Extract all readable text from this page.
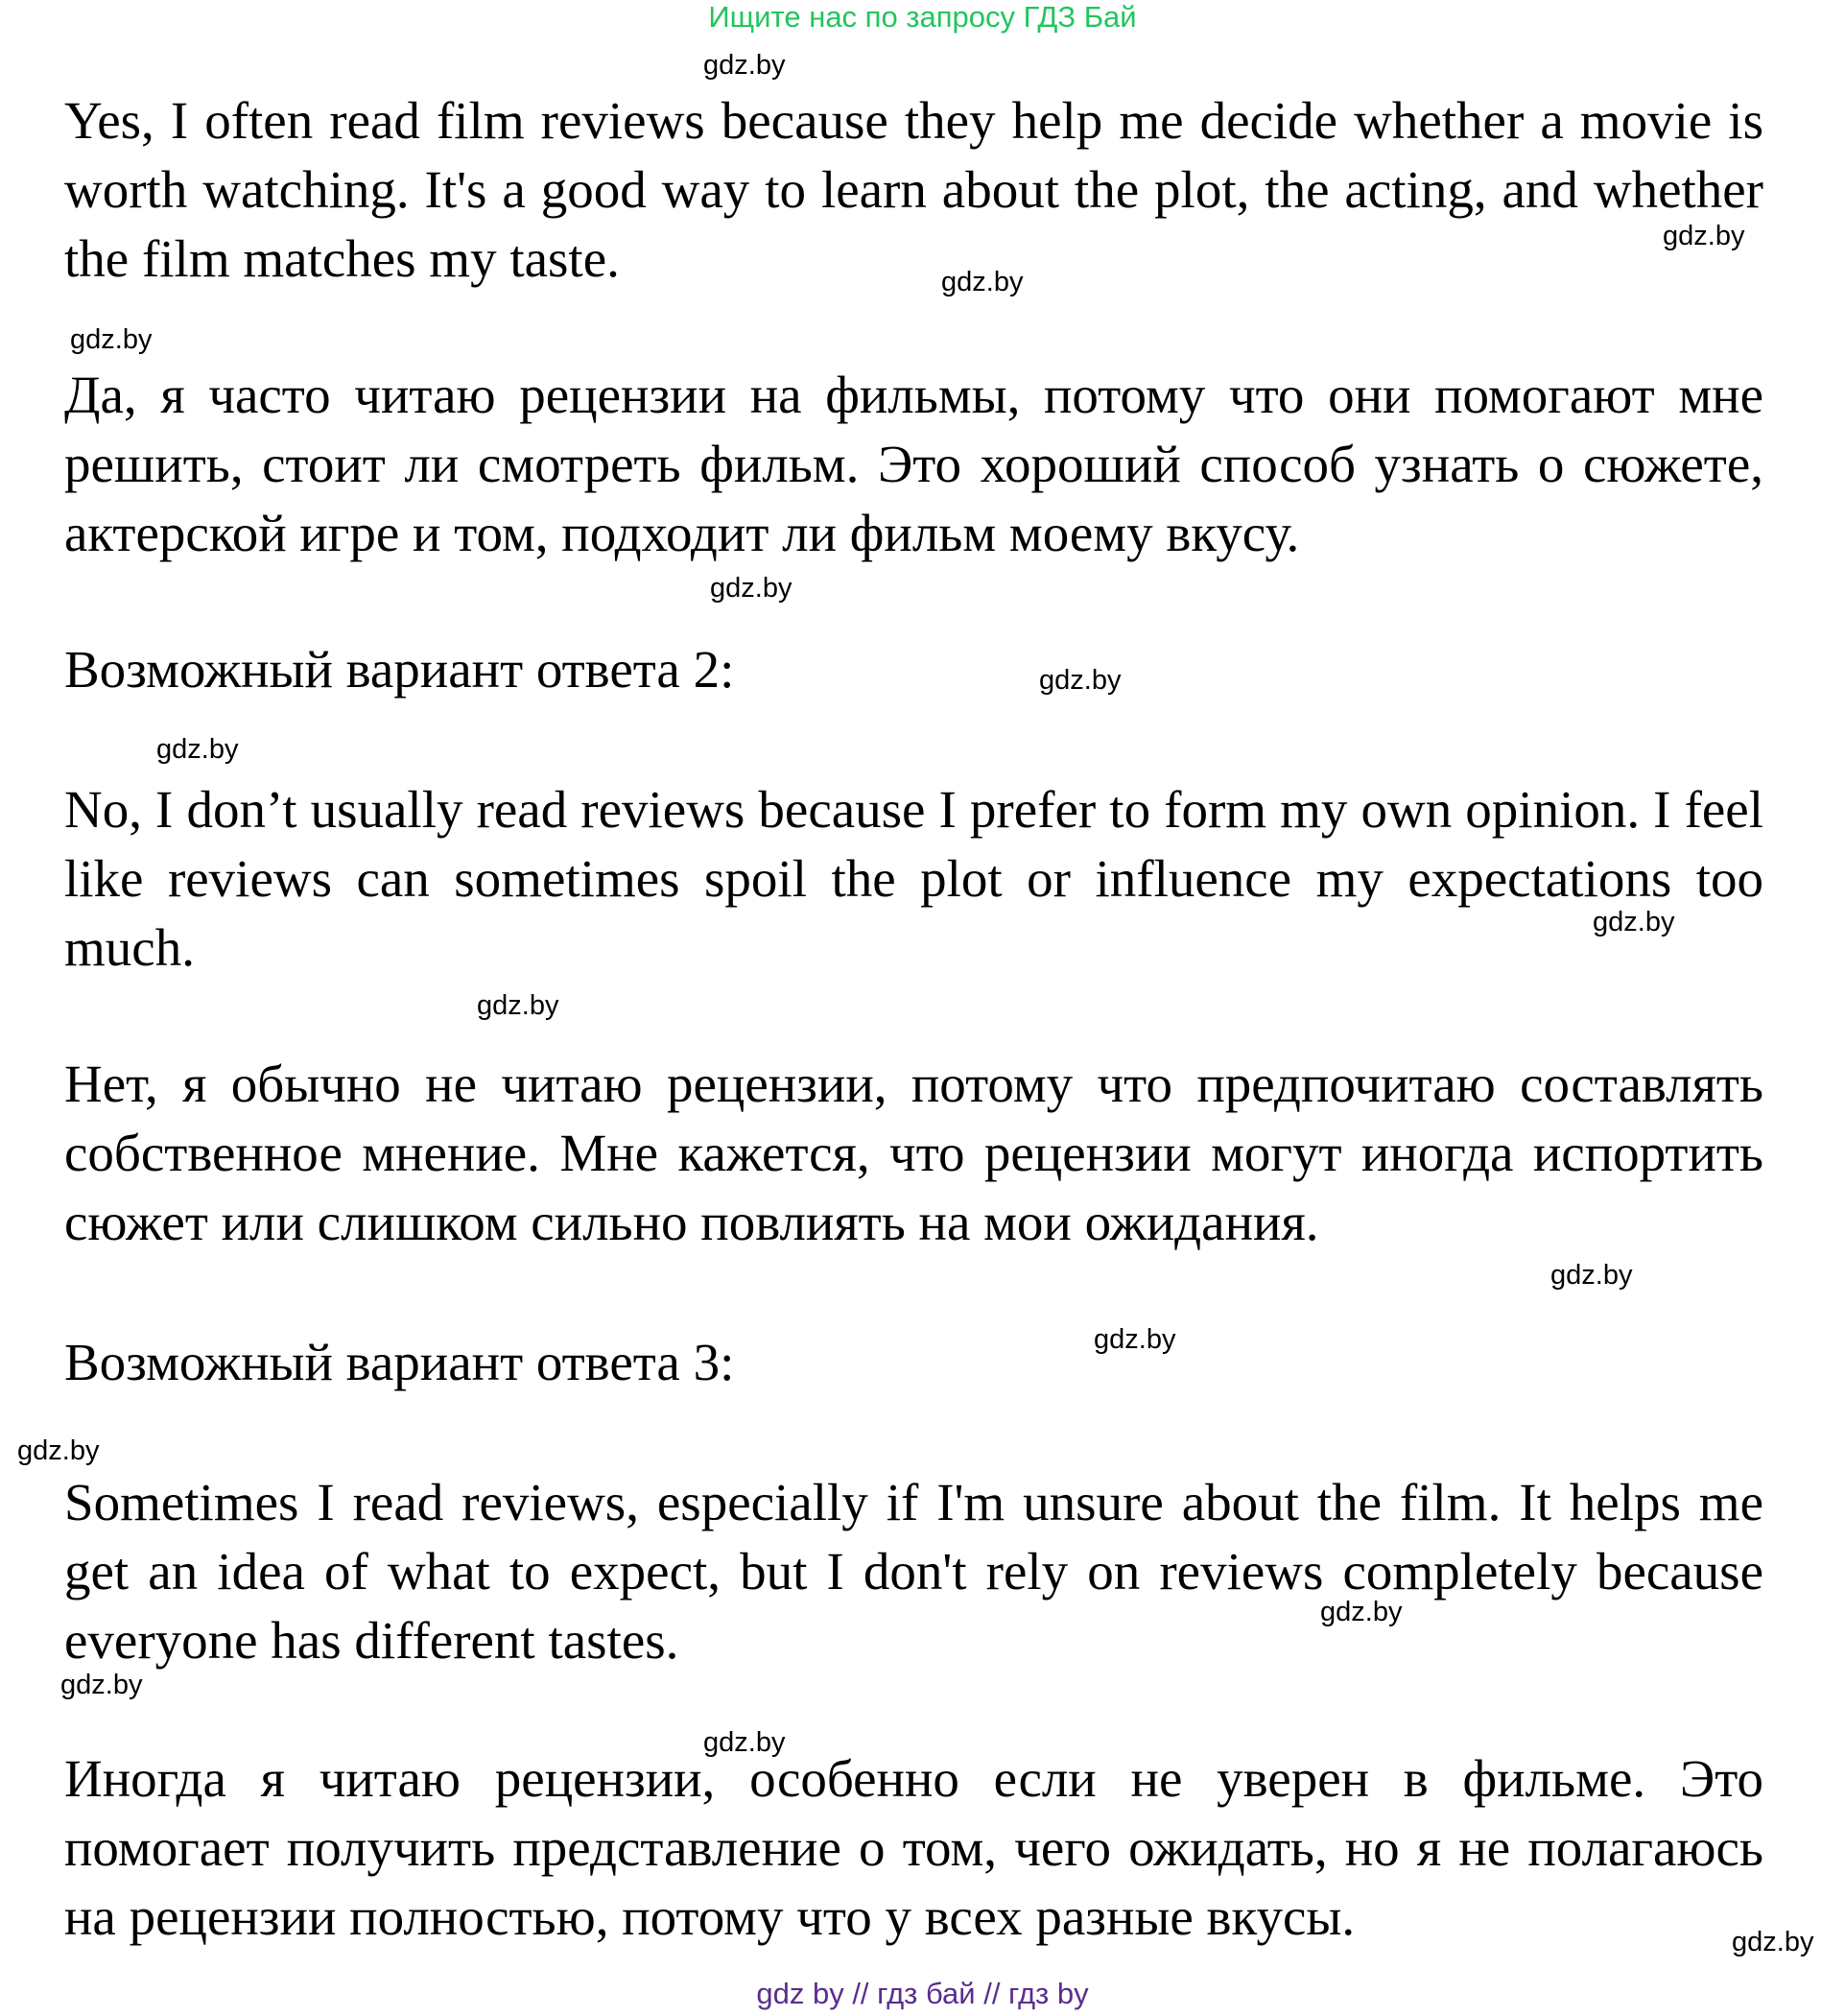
Ищите нас по запросу ГДЗ Бай

Yes, I often read film reviews because they help me decide whether a movie is worth watching. It's a good way to learn about the plot, the acting, and whether the film matches my taste.

Да, я часто читаю рецензии на фильмы, потому что они помогают мне решить, стоит ли смотреть фильм. Это хороший способ узнать о сюжете, актерской игре и том, подходит ли фильм моему вкусу.

Возможный вариант ответа 2:

No, I don’t usually read reviews because I prefer to form my own opinion. I feel like reviews can sometimes spoil the plot or influence my expectations too much.

Нет, я обычно не читаю рецензии, потому что предпочитаю составлять собственное мнение. Мне кажется, что рецензии могут иногда испортить сюжет или слишком сильно повлиять на мои ожидания.

Возможный вариант ответа 3:

Sometimes I read reviews, especially if I'm unsure about the film. It helps me get an idea of what to expect, but I don't rely on reviews completely because everyone has different tastes.

Иногда я читаю рецензии, особенно если не уверен в фильме. Это помогает получить представление о том, чего ожидать, но я не полагаюсь на рецензии полностью, потому что у всех разные вкусы.

gdz.by
gdz.by
gdz.by
gdz.by
gdz.by
gdz.by
gdz.by
gdz.by
gdz.by
gdz.by
gdz.by
gdz.by
gdz.by
gdz.by
gdz.by
gdz.by
gdz by // гдз бай // гдз by
